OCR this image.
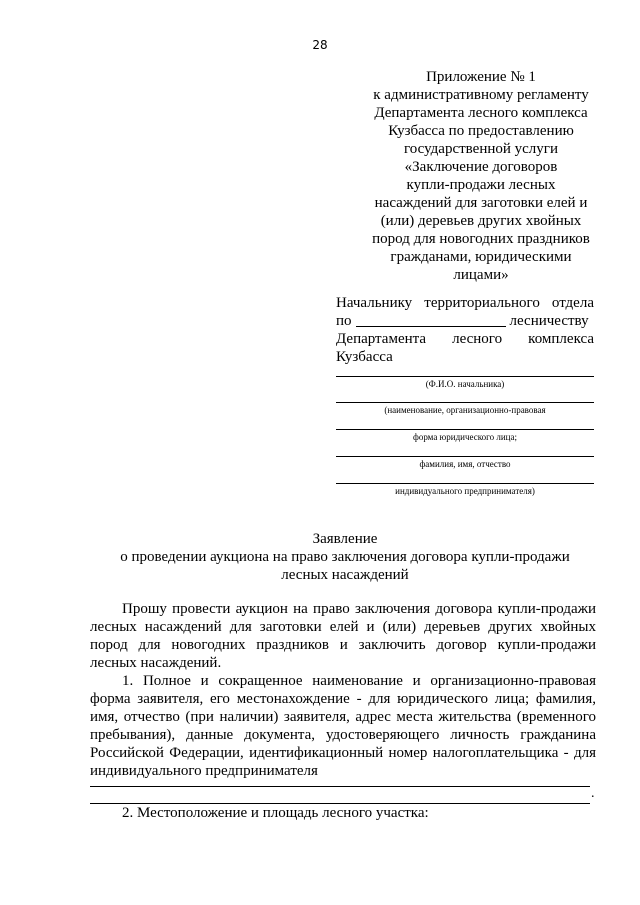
28
Приложение № 1
к административному регламенту
Департамента лесного комплекса
Кузбасса по предоставлению
государственной услуги
«Заключение договоров
купли-продажи лесных
насаждений для заготовки елей и
(или) деревьев других хвойных
пород для новогодних праздников
гражданами, юридическими
лицами»
Начальнику территориального отдела
по	лесничеству
Департамента лесного комплекса
Кузбасса
(Ф.И.О. начальника)
(наименование, организационно-правовая
форма юридического лица;
фамилия, имя, отчество
индивидуального предпринимателя)
Заявление
о проведении аукциона на право заключения договора купли-продажи
лесных насаждений

Прошу провести аукцион на право заключения договора купли-продажи лесных насаждений для заготовки елей и (или) деревьев других хвойных пород для новогодних праздников и заключить договор купли-продажи лесных насаждений.

1. Полное и сокращенное наименование и организационно-правовая форма заявителя, его местонахождение - для юридического лица; фамилия, имя, отчество (при наличии) заявителя, адрес места жительства (временного пребывания), данные документа, удостоверяющего личность гражданина Российской Федерации, идентификационный номер налогоплательщика - для индивидуального предпринимателя

.
2. Местоположение и площадь лесного участка:
